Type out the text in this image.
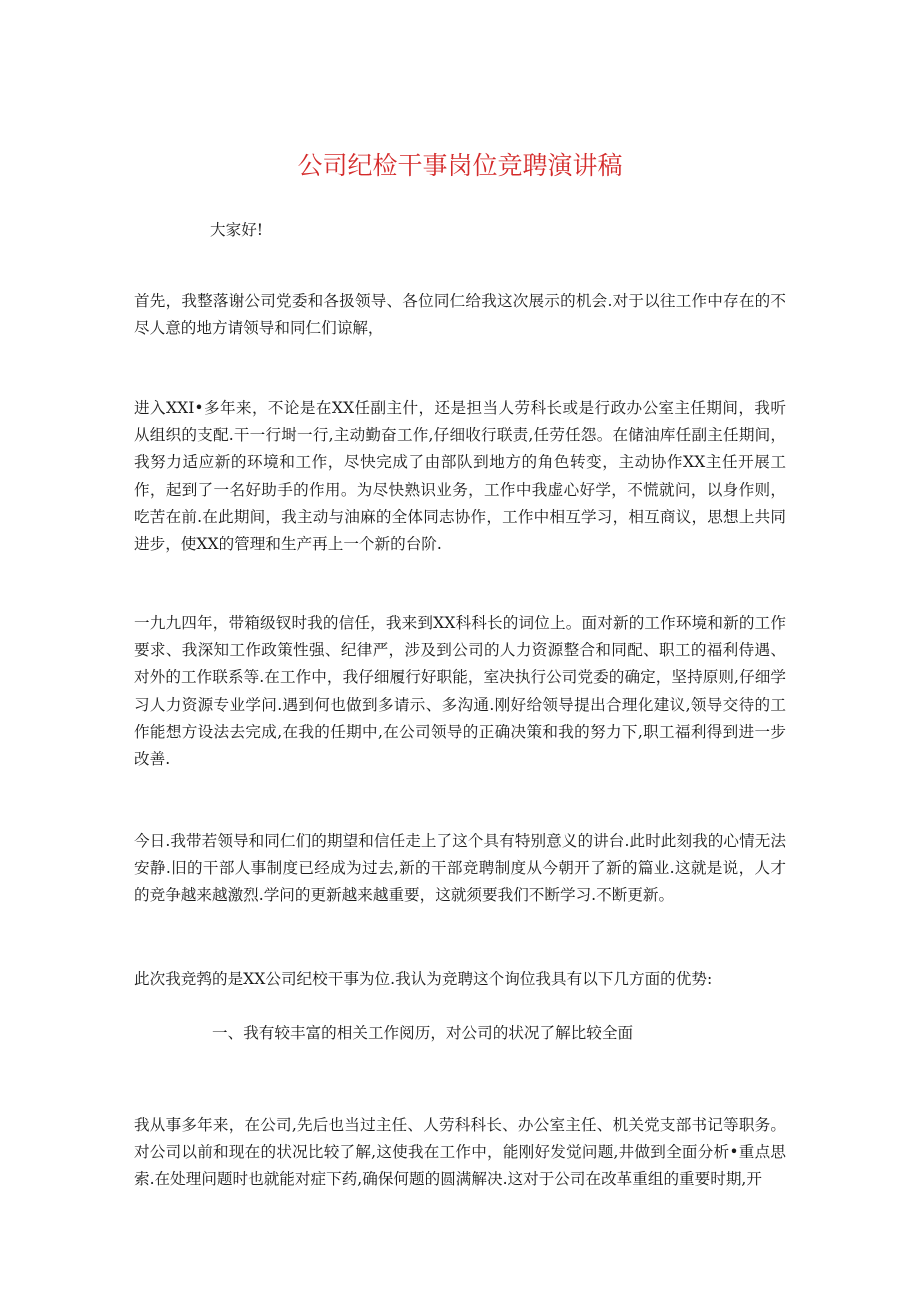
公司纪检干事岗位竞聘演讲稿

大家好!

首先，我整落谢公司党委和各扱领导、各位同仁给我这次展示的机会.对于以往工作中存在的不尽人意的地方请领导和同仁们谅解，

进入XXI•多年来，不论是在XX任副主什，还是担当人劳科长或是行政办公室主任期间，我听从组织的支配.干一行埘一行,主动勤奋工作,仔细收行联责,任劳任怨。在储油库任副主任期间，我努力适应新的环境和工作，尽快完成了由部队到地方的角色转变，主动协作XX主任开展工作，起到了一名好助手的作用。为尽快熟识业务，工作中我虚心好学，不慌就问，以身作则，吃苦在前.在此期间，我主动与油麻的全体同志协作，工作中相互学习，相互商议，思想上共同进步，使XX的管理和生产再上一个新的台阶.

一九九四年，带箱级钗时我的信任，我来到XX科科长的词位上。面对新的工作环境和新的工作要求、我深知工作政策性强、纪律严，涉及到公司的人力资源整合和同配、职工的福利侍遇、对外的工作联系等.在工作中，我仔细履行好职能，室决执行公司党委的确定，坚持原则,仔细学习人力资源专业学问.遇到何也做到多请示、多沟通.刚好给领导提出合理化建议,领导交待的工作能想方设法去完成,在我的任期中,在公司领导的正确决策和我的努力下,职工福利得到进一步改善.

今日.我带若领导和同仁们的期望和信任走上了这个具有特别意义的讲台.此时此刻我的心情无法安静.旧的干部人事制度已经成为过去,新的干部竞聘制度从今朝开了新的篇业.这就是说，人才的竞争越来越激烈.学问的更新越来越重要，这就须要我们不断学习.不断更新。

此次我竞鹁的是XX公司纪校干事为位.我认为竞聘这个询位我具有以下几方面的优势:

一、我有较丰富的相关工作阅历，对公司的状况了解比较全面

我从事多年来，在公司,先后也当过主任、人劳科科长、办公室主任、机关党支部书记等职务。对公司以前和现在的状况比较了解,这使我在工作中，能刚好发觉问题,井做到全面分析•重点思索.在处理问题时也就能对症下药,确保何题的圆满解决.这对于公司在改革重组的重要时期,开
